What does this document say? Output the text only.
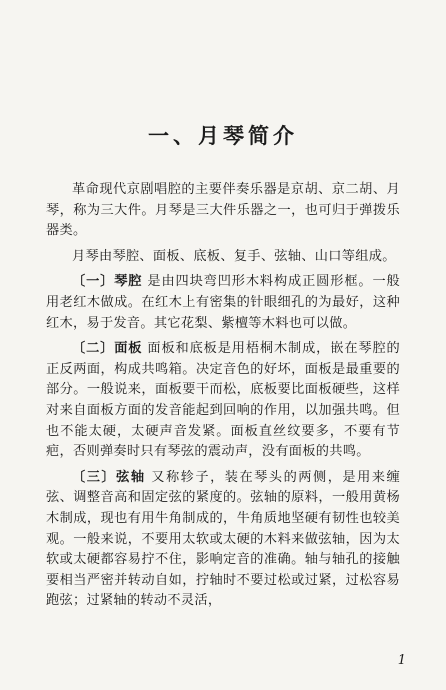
一、月琴简介

革命现代京剧唱腔的主要伴奏乐器是京胡、京二胡、月琴，称为三大件。月琴是三大件乐器之一，也可归于弹拨乐器类。

月琴由琴腔、面板、底板、复手、弦轴、山口等组成。

〔一〕琴腔 是由四块弯凹形木料构成正圆形框。一般用老红木做成。在红木上有密集的针眼细孔的为最好，这种红木，易于发音。其它花梨、紫檀等木料也可以做。

〔二〕面板 面板和底板是用梧桐木制成，嵌在琴腔的正反两面，构成共鸣箱。决定音色的好坏，面板是最重要的部分。一般说来，面板要干而松，底板要比面板硬些，这样对来自面板方面的发音能起到回响的作用，以加强共鸣。但也不能太硬，太硬声音发紧。面板直丝纹要多，不要有节疤，否则弹奏时只有琴弦的震动声，没有面板的共鸣。

〔三〕弦轴 又称轸子，装在琴头的两侧，是用来缠弦、调整音高和固定弦的紧度的。弦轴的原料，一般用黄杨木制成，现也有用牛角制成的，牛角质地坚硬有韧性也较美观。一般来说，不要用太软或太硬的木料来做弦轴，因为太软或太硬都容易拧不住，影响定音的准确。轴与轴孔的接触要相当严密并转动自如，拧轴时不要过松或过紧，过松容易跑弦；过紧轴的转动不灵活，

1
